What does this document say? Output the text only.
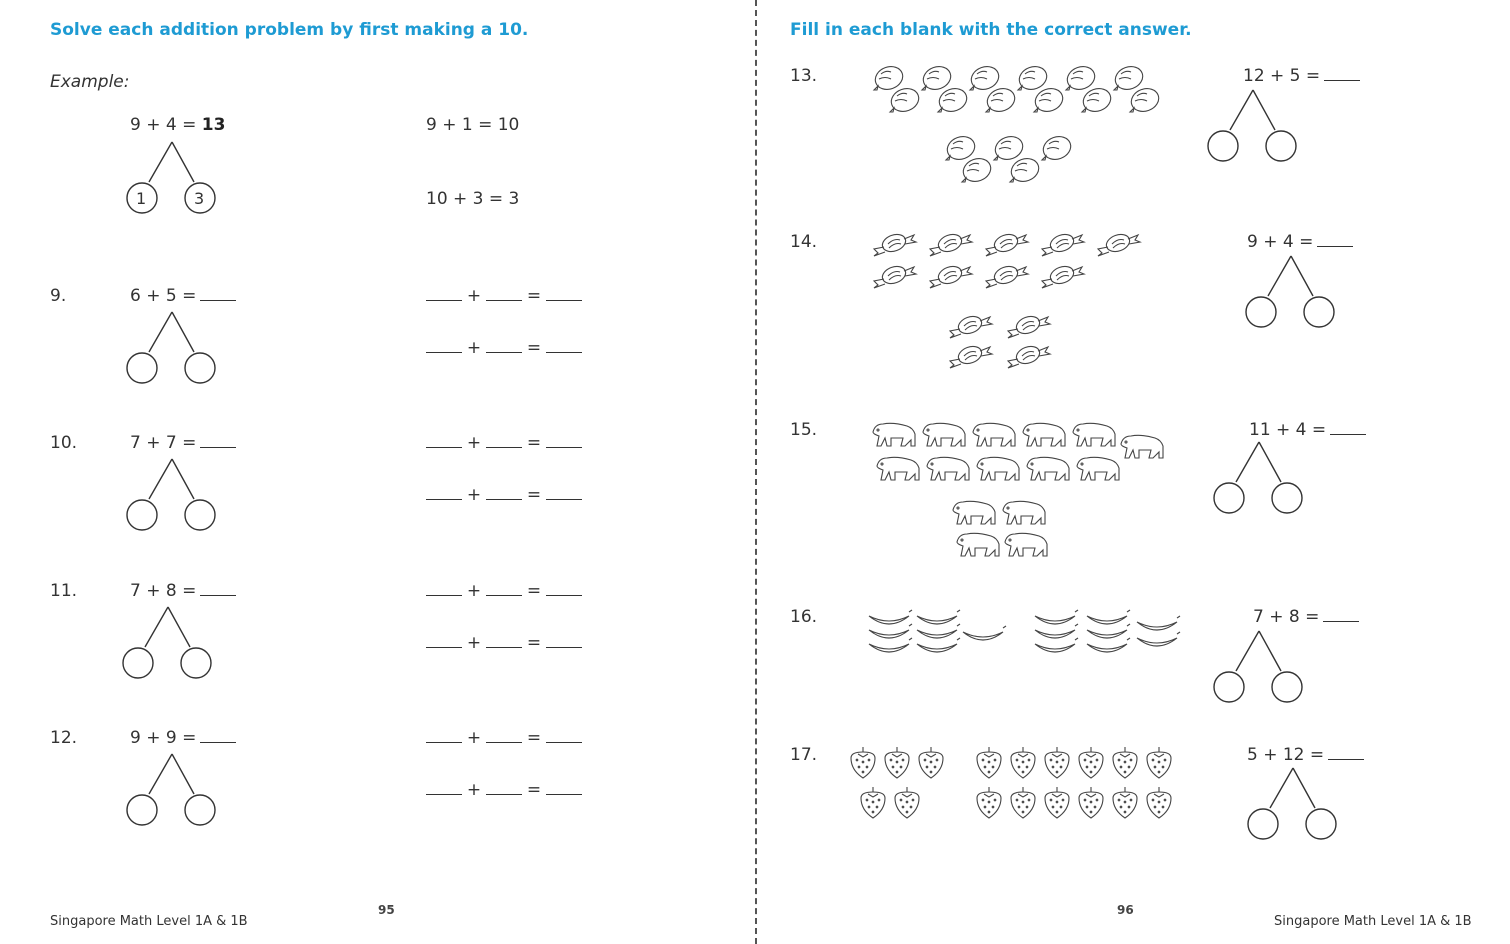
Solve each addition problem by first making a 10.
Example:
9 + 4 = 13
1	3
9 + 1 = 10
10 + 3 = 3
9.	6 + 5 =	+	=
+	=
10.	7 + 7 =	+	=
+	=
11.	7 + 8 =	+	=
+	=
12.	9 + 9 =	+	=
+	=
Singapore Math Level 1A & 1B
95
Fill in each blank with the correct answer.
13.	12 + 5 =
14.	9 + 4 =
15.	11 + 4 =
16.	7 + 8 =
17.	5 + 12 =
96
Singapore Math Level 1A & 1B
